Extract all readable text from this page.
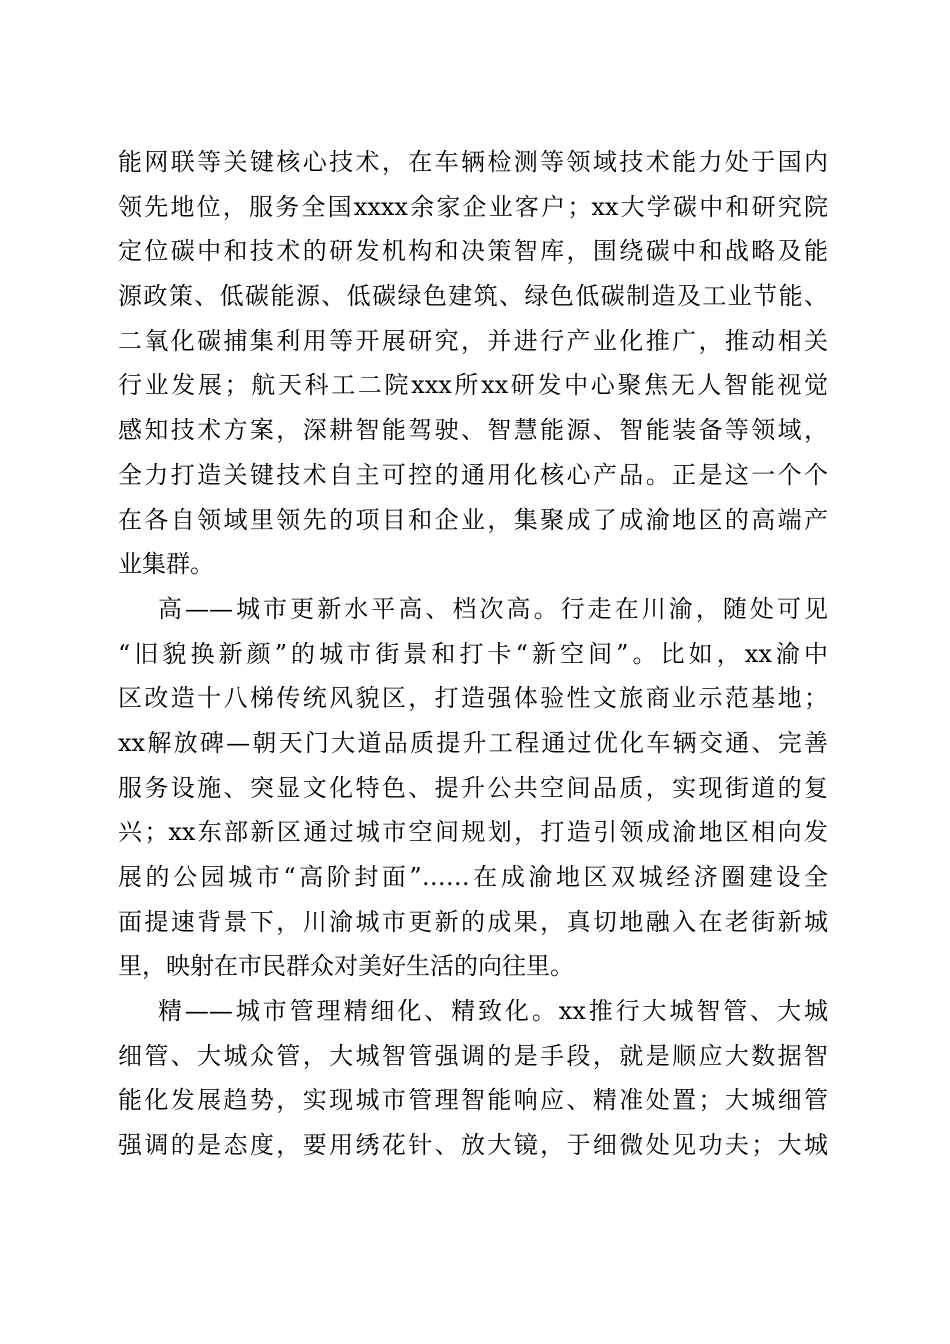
能网联等关键核心技术，在车辆检测等领域技术能力处于国内
领先地位，服务全国xxxx余家企业客户；xx大学碳中和研究院
定位碳中和技术的研发机构和决策智库，围绕碳中和战略及能
源政策、低碳能源、低碳绿色建筑、绿色低碳制造及工业节能、
二氧化碳捕集利用等开展研究，并进行产业化推广，推动相关
行业发展；航天科工二院xxx所xx研发中心聚焦无人智能视觉
感知技术方案，深耕智能驾驶、智慧能源、智能装备等领域，
全力打造关键技术自主可控的通用化核心产品。正是这一个个
在各自领域里领先的项目和企业，集聚成了成渝地区的高端产
业集群。
高——城市更新水平高、档次高。行走在川渝，随处可见
“旧貌换新颜”的城市街景和打卡“新空间”。比如，xx渝中
区改造十八梯传统风貌区，打造强体验性文旅商业示范基地；
xx解放碑—朝天门大道品质提升工程通过优化车辆交通、完善
服务设施、突显文化特色、提升公共空间品质，实现街道的复
兴；xx东部新区通过城市空间规划，打造引领成渝地区相向发
展的公园城市“高阶封面”……在成渝地区双城经济圈建设全
面提速背景下，川渝城市更新的成果，真切地融入在老街新城
里，映射在市民群众对美好生活的向往里。
精——城市管理精细化、精致化。xx推行大城智管、大城
细管、大城众管，大城智管强调的是手段，就是顺应大数据智
能化发展趋势，实现城市管理智能响应、精准处置；大城细管
强调的是态度，要用绣花针、放大镜，于细微处见功夫；大城
